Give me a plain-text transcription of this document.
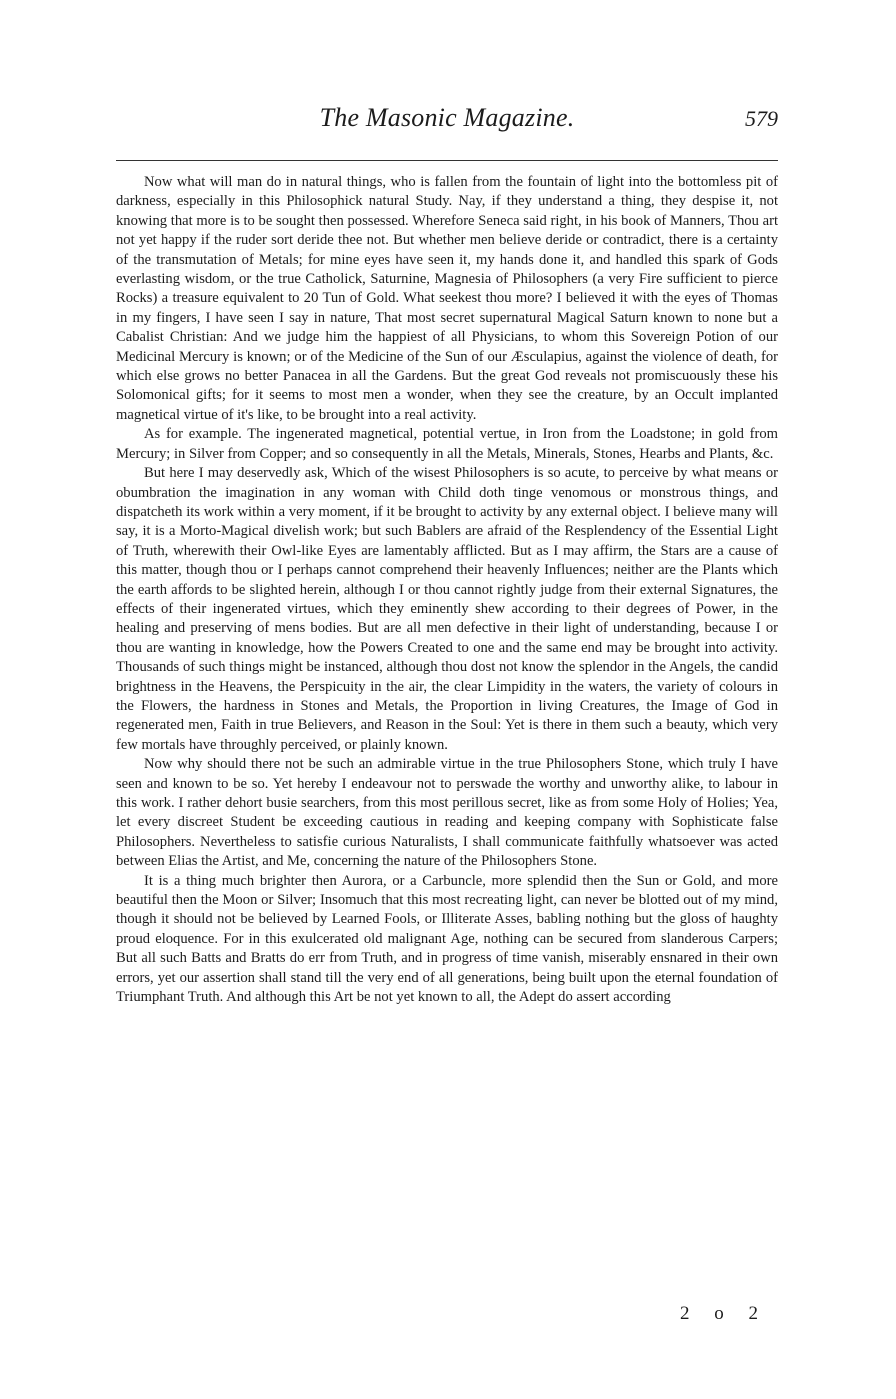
The Masonic Magazine.	579

Now what will man do in natural things, who is fallen from the fountain of light into the bottomless pit of darkness, especially in this Philosophick natural Study. Nay, if they understand a thing, they despise it, not knowing that more is to be sought then possessed. Wherefore Seneca said right, in his book of Manners, Thou art not yet happy if the ruder sort deride thee not. But whether men believe deride or contradict, there is a certainty of the transmutation of Metals; for mine eyes have seen it, my hands done it, and handled this spark of Gods everlasting wisdom, or the true Catholick, Saturnine, Magnesia of Philosophers (a very Fire sufficient to pierce Rocks) a treasure equivalent to 20 Tun of Gold. What seekest thou more? I believed it with the eyes of Thomas in my fingers, I have seen I say in nature, That most secret supernatural Magical Saturn known to none but a Cabalist Christian: And we judge him the happiest of all Physicians, to whom this Sovereign Potion of our Medicinal Mercury is known; or of the Medicine of the Sun of our Æsculapius, against the violence of death, for which else grows no better Panacea in all the Gardens. But the great God reveals not promiscuously these his Solomonical gifts; for it seems to most men a wonder, when they see the creature, by an Occult implanted magnetical virtue of it's like, to be brought into a real activity.

As for example. The ingenerated magnetical, potential vertue, in Iron from the Loadstone; in gold from Mercury; in Silver from Copper; and so consequently in all the Metals, Minerals, Stones, Hearbs and Plants, &c.

But here I may deservedly ask, Which of the wisest Philosophers is so acute, to perceive by what means or obumbration the imagination in any woman with Child doth tinge venomous or monstrous things, and dispatcheth its work within a very moment, if it be brought to activity by any external object. I believe many will say, it is a Morto-Magical divelish work; but such Bablers are afraid of the Resplendency of the Essential Light of Truth, wherewith their Owl-like Eyes are lamentably afflicted. But as I may affirm, the Stars are a cause of this matter, though thou or I perhaps cannot comprehend their heavenly Influences; neither are the Plants which the earth affords to be slighted herein, although I or thou cannot rightly judge from their external Signatures, the effects of their ingenerated virtues, which they eminently shew according to their degrees of Power, in the healing and preserving of mens bodies. But are all men defective in their light of understanding, because I or thou are wanting in knowledge, how the Powers Created to one and the same end may be brought into activity. Thousands of such things might be instanced, although thou dost not know the splendor in the Angels, the candid brightness in the Heavens, the Perspicuity in the air, the clear Limpidity in the waters, the variety of colours in the Flowers, the hardness in Stones and Metals, the Proportion in living Creatures, the Image of God in regenerated men, Faith in true Believers, and Reason in the Soul: Yet is there in them such a beauty, which very few mortals have throughly perceived, or plainly known.

Now why should there not be such an admirable virtue in the true Philosophers Stone, which truly I have seen and known to be so. Yet hereby I endeavour not to perswade the worthy and unworthy alike, to labour in this work. I rather dehort busie searchers, from this most perillous secret, like as from some Holy of Holies; Yea, let every discreet Student be exceeding cautious in reading and keeping company with Sophisticate false Philosophers. Nevertheless to satisfie curious Naturalists, I shall communicate faithfully whatsoever was acted between Elias the Artist, and Me, concerning the nature of the Philosophers Stone.

It is a thing much brighter then Aurora, or a Carbuncle, more splendid then the Sun or Gold, and more beautiful then the Moon or Silver; Insomuch that this most recreating light, can never be blotted out of my mind, though it should not be believed by Learned Fools, or Illiterate Asses, babling nothing but the gloss of haughty proud eloquence. For in this exulcerated old malignant Age, nothing can be secured from slanderous Carpers; But all such Batts and Bratts do err from Truth, and in progress of time vanish, miserably ensnared in their own errors, yet our assertion shall stand till the very end of all generations, being built upon the eternal foundation of Triumphant Truth. And although this Art be not yet known to all, the Adept do assert according

2 o 2
